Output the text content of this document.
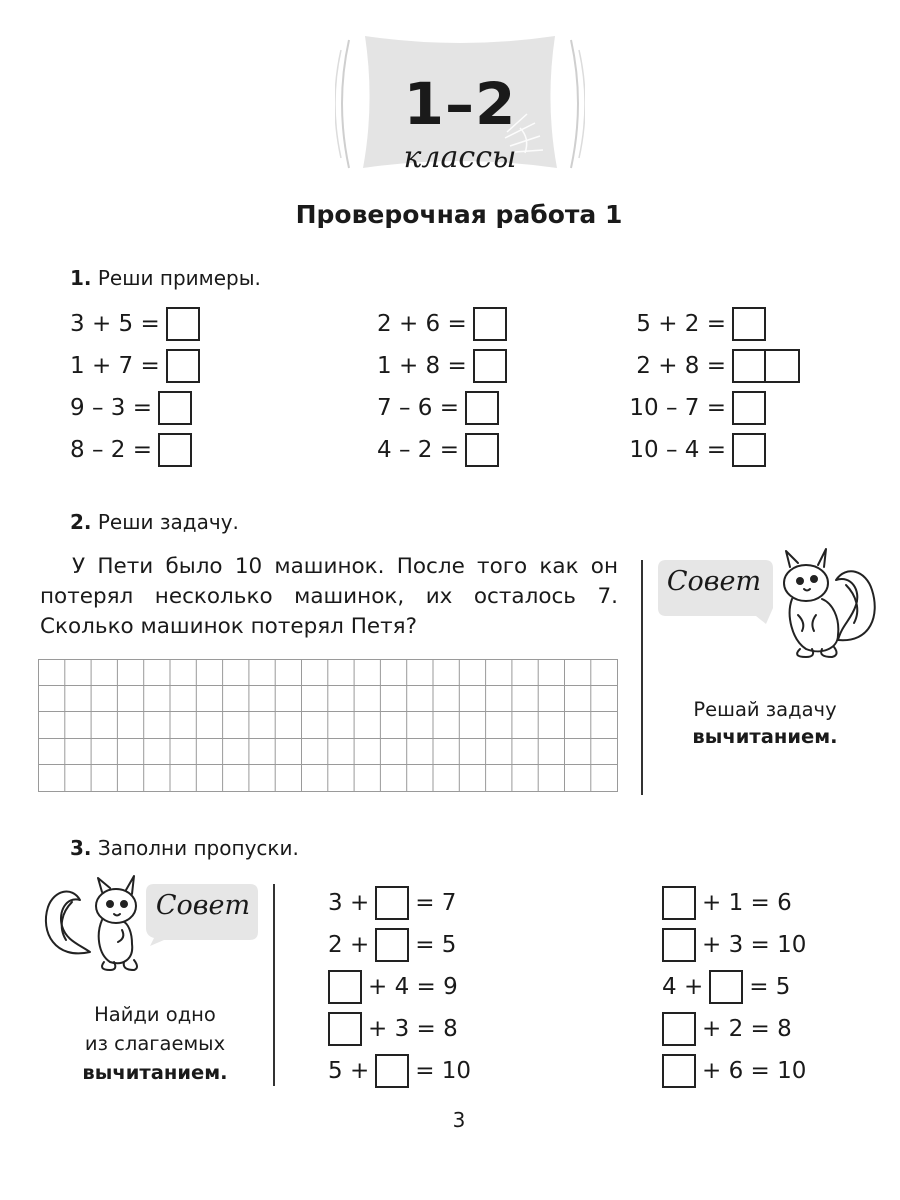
1–2
классы
Проверочная работа 1
1. Реши примеры.
3 + 5 =
1 + 7 =
9 – 3 =
8 – 2 =
2 + 6 =
1 + 8 =
7 – 6 =
4 – 2 =
5 + 2 =
2 + 8 =
10 – 7 =
10 – 4 =
2. Реши задачу.
У Пети было 10 машинок. После того как он потерял несколько машинок, их осталось 7. Сколько машинок потерял Петя?
Совет
Решай задачу
вычитанием.
3. Заполни пропуски.
Совет
Найди одно
из слагаемых
вычитанием.
3 + = 7
2 + = 5
+ 4 = 9
+ 3 = 8
5 + = 10
+ 1 = 6
+ 3 = 10
4 + = 5
+ 2 = 8
+ 6 = 10
3
